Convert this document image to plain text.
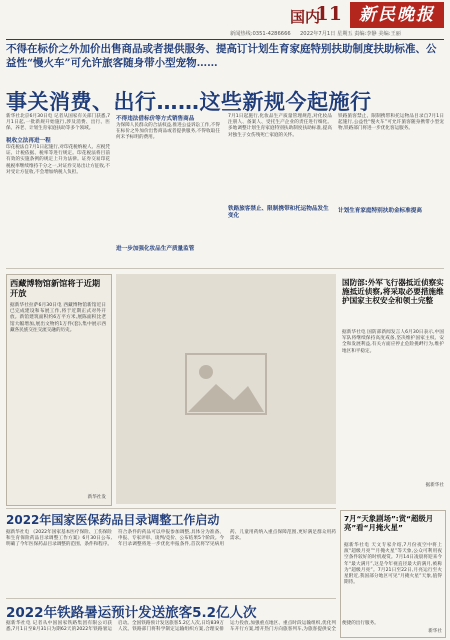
国内
11	新民晚报
新闻热线:0351-4286666 2022年7月1日 星期五 责编:李静 美编:王丽
不得在标价之外加价出售商品或者提供服务、提高订计划生育家庭特别扶助制度扶助标准、公益性“慢火车”可允许旅客随身带小型宠物……
事关消费、出行……这些新规今起施行
新华社北京6月30日电 记者从国家有关部门获悉,7月1日起,一批新规开始施行,涉及消费、出行、医保、养老、计划生育家庭扶助等多个领域。
税收立法再进一程
印花税法自7月1日起施行,对印花税纳税人、应税凭证、计税依据、税率等进行规定。印花税法将目前有效的实施条例的规定上升为法律。证券交易印花税税率继续维持千分之一,对证券交易出让方征收,不对受让方征收,不会增加纳税人负担。
不得违法借标价等方式销售商品
为保障人民群众的合法权益,推进公益诉讼工作,不得在标价之外加价出售商品或者提供服务,不得收取任何未予标明的费用。
进一步加强化妆品生产质量监管
7月1日起施行,化妆品生产质量管理规范,对化妆品注册人、备案人、受托生产企业的责任进行细化。多地调整计划生育家庭特别扶助制度扶助标准,提高对独生子女伤残死亡家庭的关怀。
铁路旅客禁止、限制携带和托运物品发生变化
铁路旅客禁止、限制携带和托运物品目录自7月1日起施行,公益性“慢火车”可允许旅客随身携带小型宠物,铁路部门将进一步优化客运服务。
计划生育家庭特别扶助金标准提高
西藏博物馆新馆将于近期开放
据新华社拉萨6月30日电 西藏博物馆新馆近日已完成建设和布展工作,将于近期正式对外开放。新馆建筑面积约6万平方米,展陈面积比老馆大幅增加,展出文物约1万件(套),集中展示西藏各民族交往交流交融的历史。
新华社发
国防部:外军飞行器抵近侦察实施抵近侦察,将采取必要措施维护国家主权安全和领土完整
据新华社电 国防部新闻发言人6月30日表示,中国军队将继续保持高度戒备,坚决维护国家主权、安全和发展利益,有关方面应停止危险挑衅行为,维护地区和平稳定。
据新华社
2022年国家医保药品目录调整工作启动
据新华社电 《2022年国家基本医疗保险、工伤保险和生育保险药品目录调整工作方案》6月30日公布,明确了今年医保药品目录调整的范围、条件和程序。符合条件的药品可以申报参加调整,具体分为准备、申报、专家评审、谈判/竞价、公布结果5个阶段。今年目录调整将进一步优化申报条件,首次将罕见病用药、儿童用药纳入重点保障范围,更好满足群众用药需求。
7月“天象剧场”:赏“超级月亮”看“月掩火星”
据新华社电 天文专家介绍,7月份夜空中将上演“超级月亮”“月掩火星”等天象,公众可利用夜空条件较好的时机观赏。7月14日凌晨将迎来今年“最大满月”,这是今年视直径最大的满月,被称为“超级月亮”。7月21日至22日,月亮运行至火星附近,我国部分地区可见“月掩火星”天象,值得期待。
新华社
2022年铁路暑运预计发送旅客5.2亿人次
据新华社电 记者从中国国家铁路集团有限公司获悉,7月1日至8月31日为期62天的2022年铁路暑运启动。全国铁路预计发送旅客5.2亿人次,日均839万人次。铁路部门将科学制定运输组织方案,合理安排运力投放,加强重点地区、重点时段运输组织,优化列车开行方案,增开热门方向旅客列车,为旅客提供安全
